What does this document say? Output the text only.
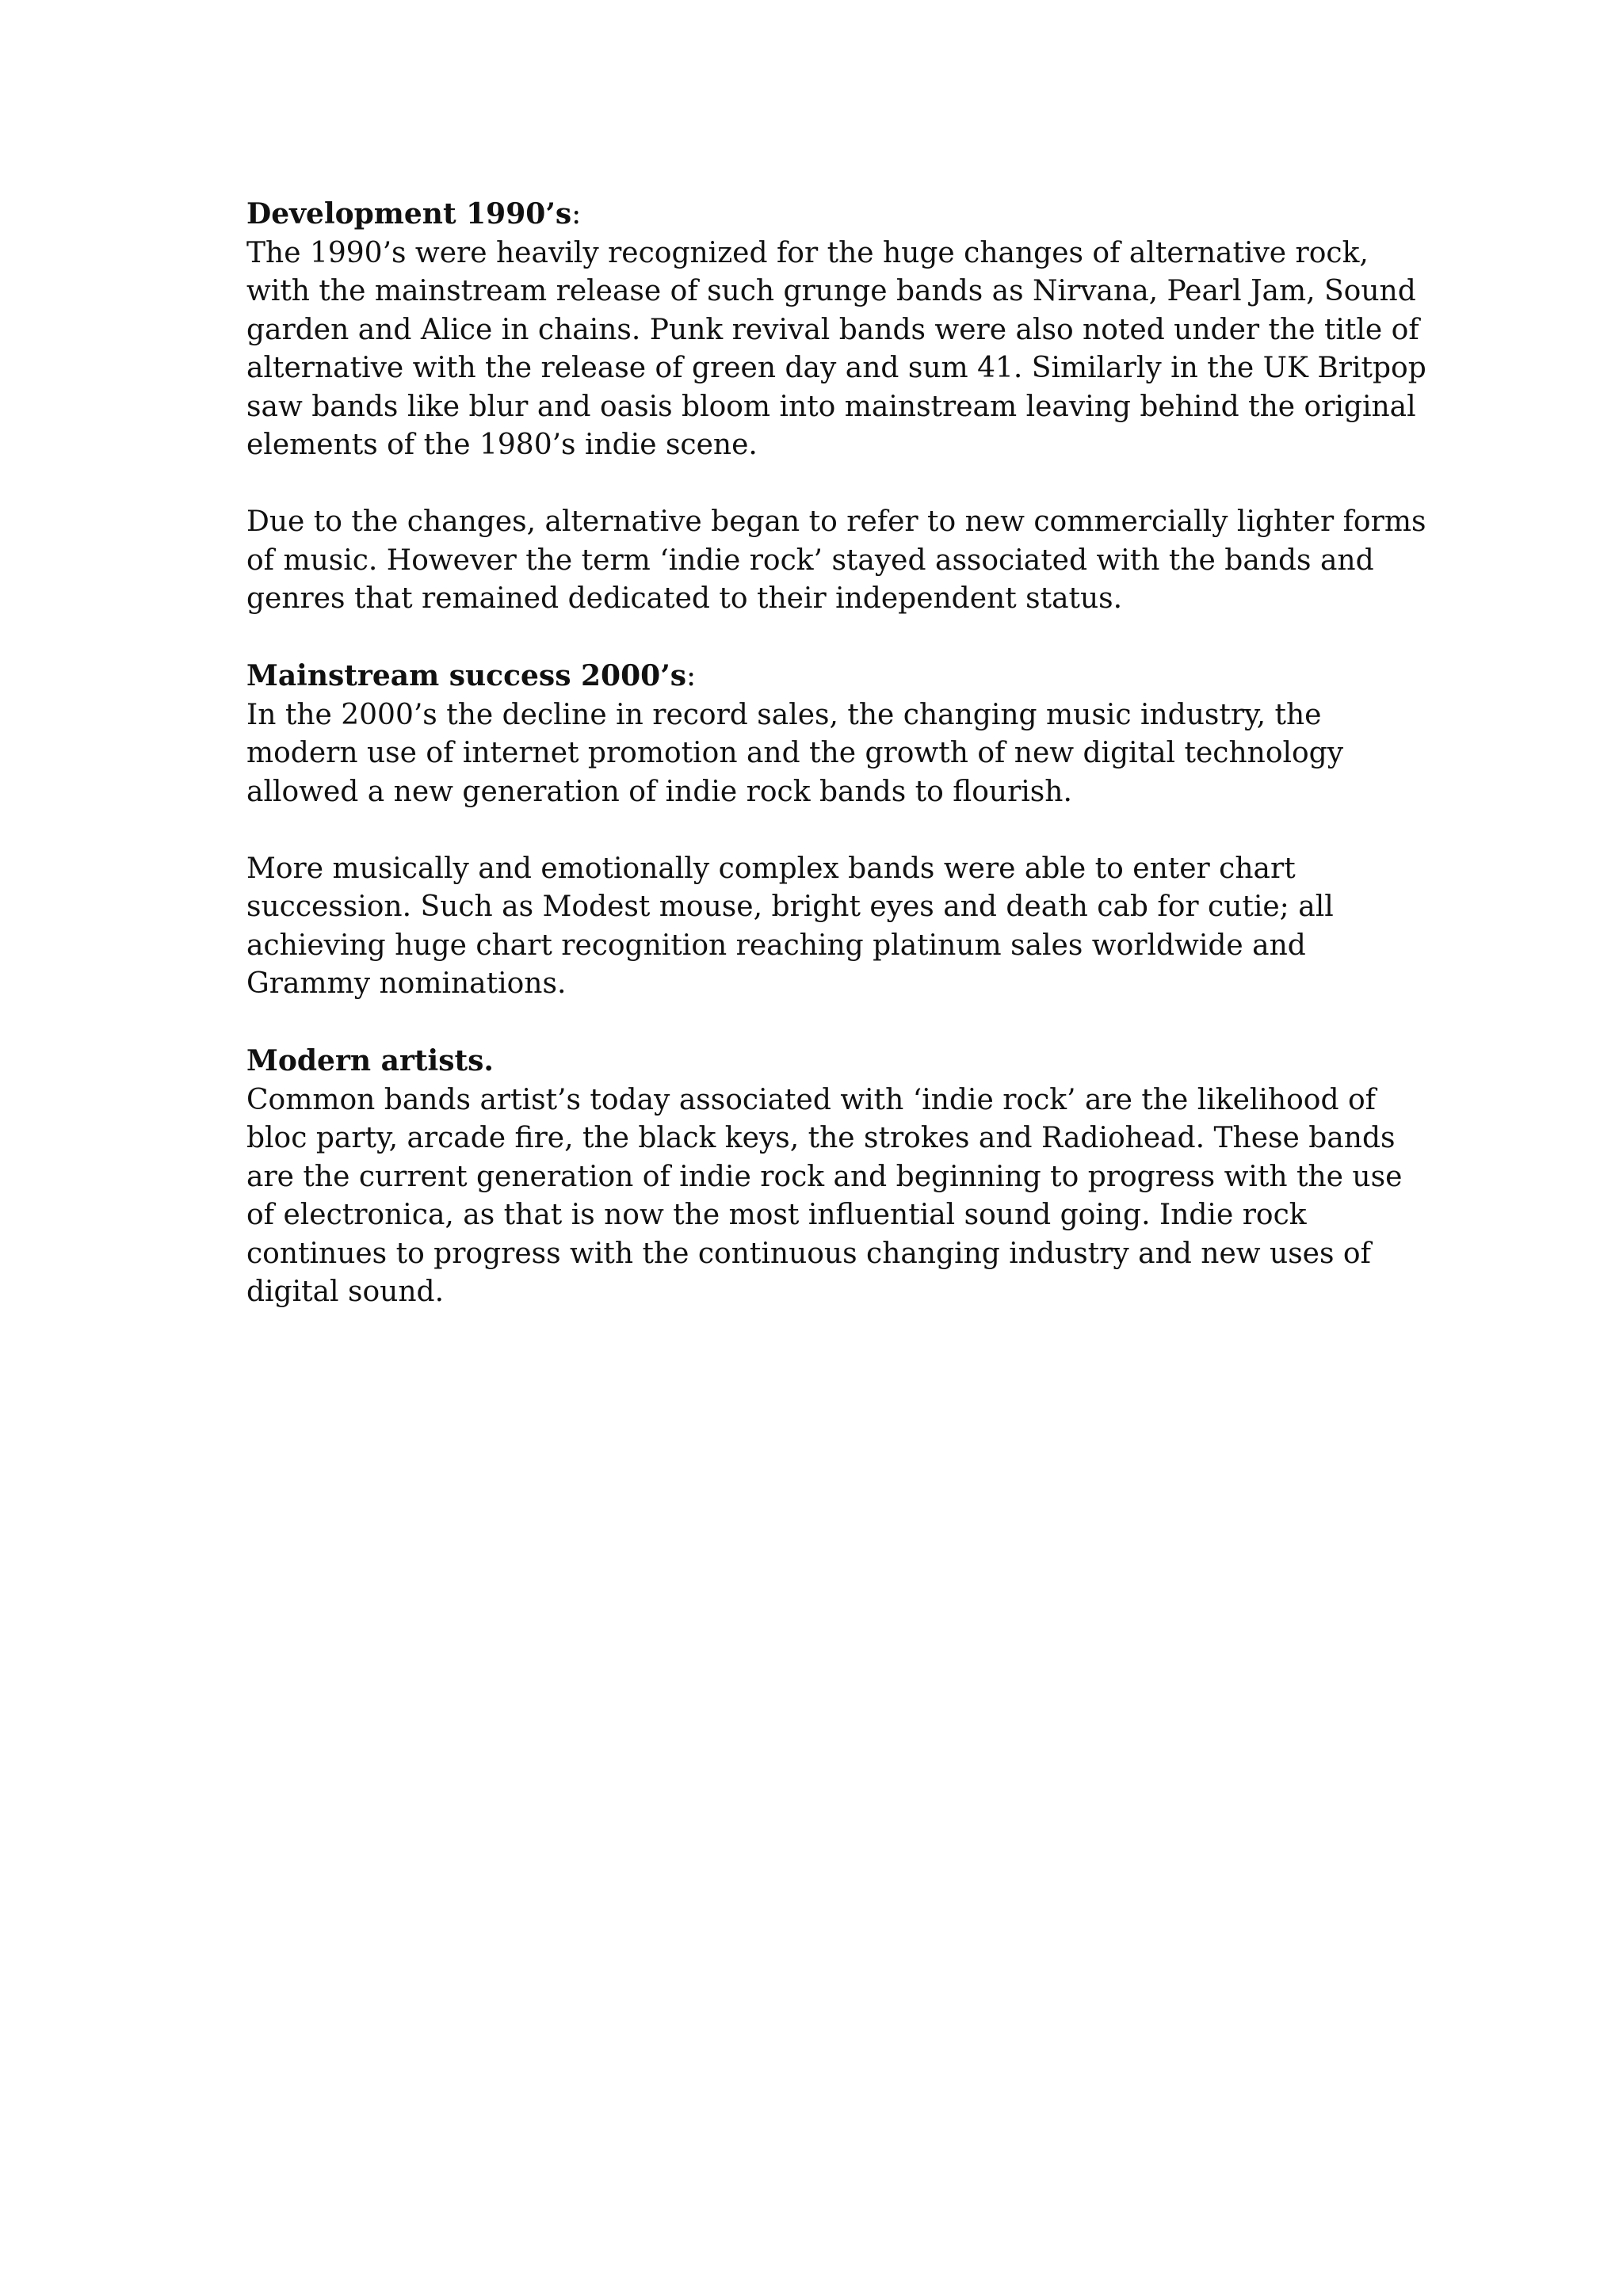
Development 1990’s:
The 1990’s were heavily recognized for the huge changes of alternative rock,
with the mainstream release of such grunge bands as Nirvana, Pearl Jam, Sound
garden and Alice in chains. Punk revival bands were also noted under the title of
alternative with the release of green day and sum 41. Similarly in the UK Britpop
saw bands like blur and oasis bloom into mainstream leaving behind the original
elements of the 1980’s indie scene.
Due to the changes, alternative began to refer to new commercially lighter forms
of music. However the term ‘indie rock’ stayed associated with the bands and
genres that remained dedicated to their independent status.
Mainstream success 2000’s:
In the 2000’s the decline in record sales, the changing music industry, the
modern use of internet promotion and the growth of new digital technology
allowed a new generation of indie rock bands to flourish.
More musically and emotionally complex bands were able to enter chart
succession. Such as Modest mouse, bright eyes and death cab for cutie; all
achieving huge chart recognition reaching platinum sales worldwide and
Grammy nominations.
Modern artists.
Common bands artist’s today associated with ‘indie rock’ are the likelihood of
bloc party, arcade fire, the black keys, the strokes and Radiohead. These bands
are the current generation of indie rock and beginning to progress with the use
of electronica, as that is now the most influential sound going. Indie rock
continues to progress with the continuous changing industry and new uses of
digital sound.
